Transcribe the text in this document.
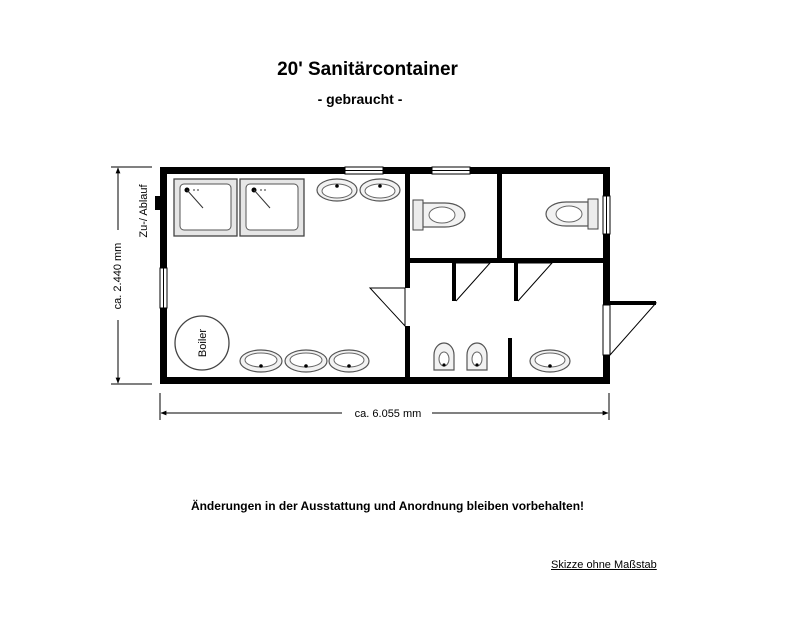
20' Sanitärcontainer
- gebraucht -
Boiler
Zu-/ Ablauf
ca. 2.440 mm
ca. 6.055 mm
Änderungen in der Ausstattung und Anordnung bleiben vorbehalten!
Skizze ohne Maßstab
